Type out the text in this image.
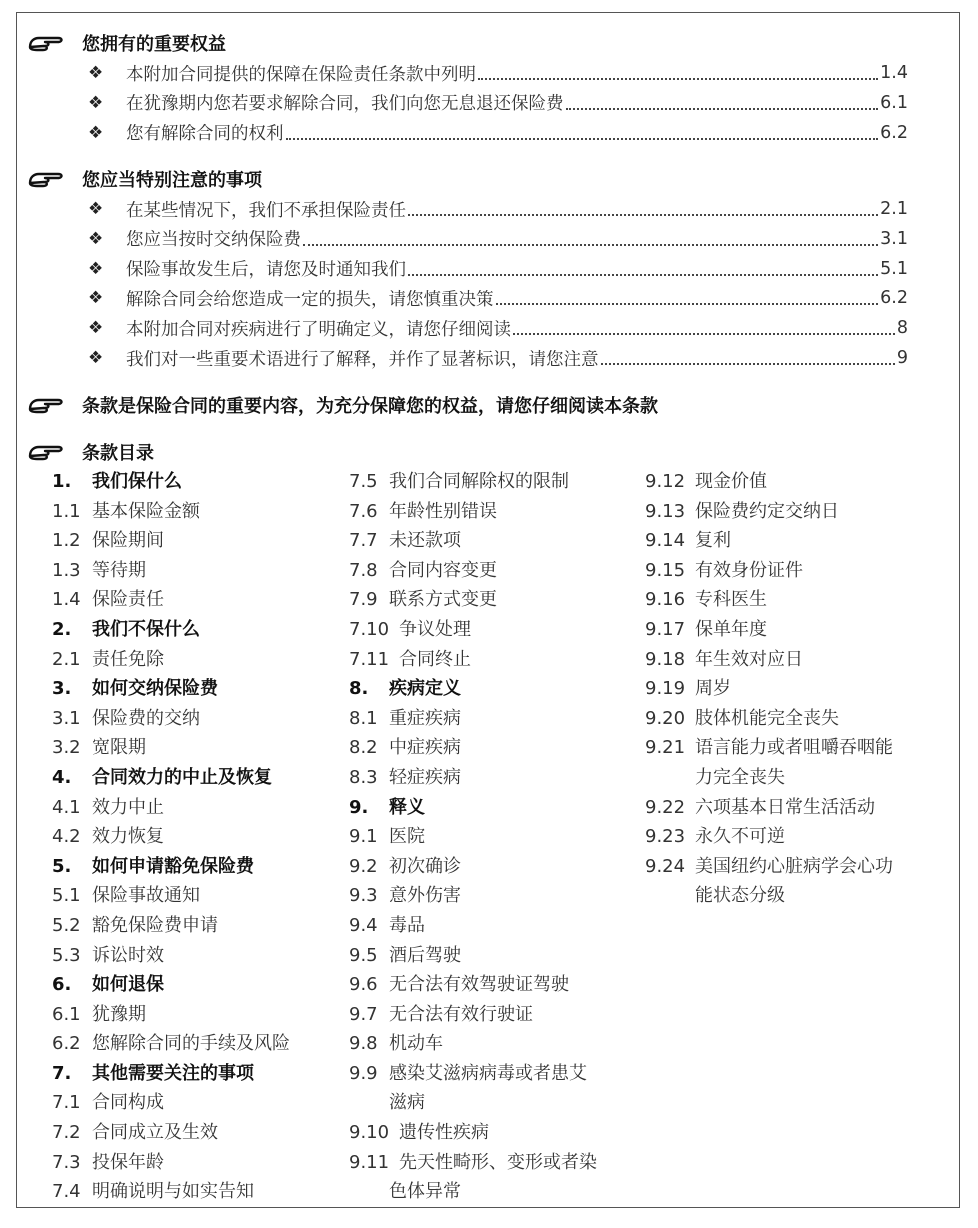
您拥有的重要权益
❖	本附加合同提供的保障在保险责任条款中列明	1.4
❖	在犹豫期内您若要求解除合同，我们向您无息退还保险费	6.1
❖	您有解除合同的权利	6.2
您应当特别注意的事项
❖	在某些情况下，我们不承担保险责任	2.1
❖	您应当按时交纳保险费	3.1
❖	保险事故发生后，请您及时通知我们	5.1
❖	解除合同会给您造成一定的损失，请您慎重决策	6.2
❖	本附加合同对疾病进行了明确定义，请您仔细阅读	8
❖	我们对一些重要术语进行了解释，并作了显著标识，请您注意	9
条款是保险合同的重要内容，为充分保障您的权益，请您仔细阅读本条款
条款目录
1.	我们保什么
1.1 基本保险金额
1.2 保险期间
1.3 等待期
1.4 保险责任
2.	我们不保什么
2.1 责任免除
3.	如何交纳保险费
3.1 保险费的交纳
3.2 宽限期
4.	合同效力的中止及恢复
4.1 效力中止
4.2 效力恢复
5.	如何申请豁免保险费
5.1 保险事故通知
5.2 豁免保险费申请
5.3 诉讼时效
6.	如何退保
6.1 犹豫期
6.2 您解除合同的手续及风险
7.	其他需要关注的事项
7.1 合同构成
7.2 合同成立及生效
7.3 投保年龄
7.4 明确说明与如实告知
7.5 我们合同解除权的限制
7.6 年龄性别错误
7.7 未还款项
7.8 合同内容变更
7.9 联系方式变更
7.10 争议处理
7.11 合同终止
8.	疾病定义
8.1 重症疾病
8.2 中症疾病
8.3 轻症疾病
9.	释义
9.1 医院
9.2 初次确诊
9.3 意外伤害
9.4 毒品
9.5 酒后驾驶
9.6 无合法有效驾驶证驾驶
9.7 无合法有效行驶证
9.8 机动车
9.9 感染艾滋病病毒或者患艾
滋病
9.10 遗传性疾病
9.11 先天性畸形、变形或者染
色体异常
9.12 现金价值
9.13 保险费约定交纳日
9.14 复利
9.15 有效身份证件
9.16 专科医生
9.17 保单年度
9.18 年生效对应日
9.19 周岁
9.20 肢体机能完全丧失
9.21 语言能力或者咀嚼吞咽能
力完全丧失
9.22 六项基本日常生活活动
9.23 永久不可逆
9.24 美国纽约心脏病学会心功
能状态分级
